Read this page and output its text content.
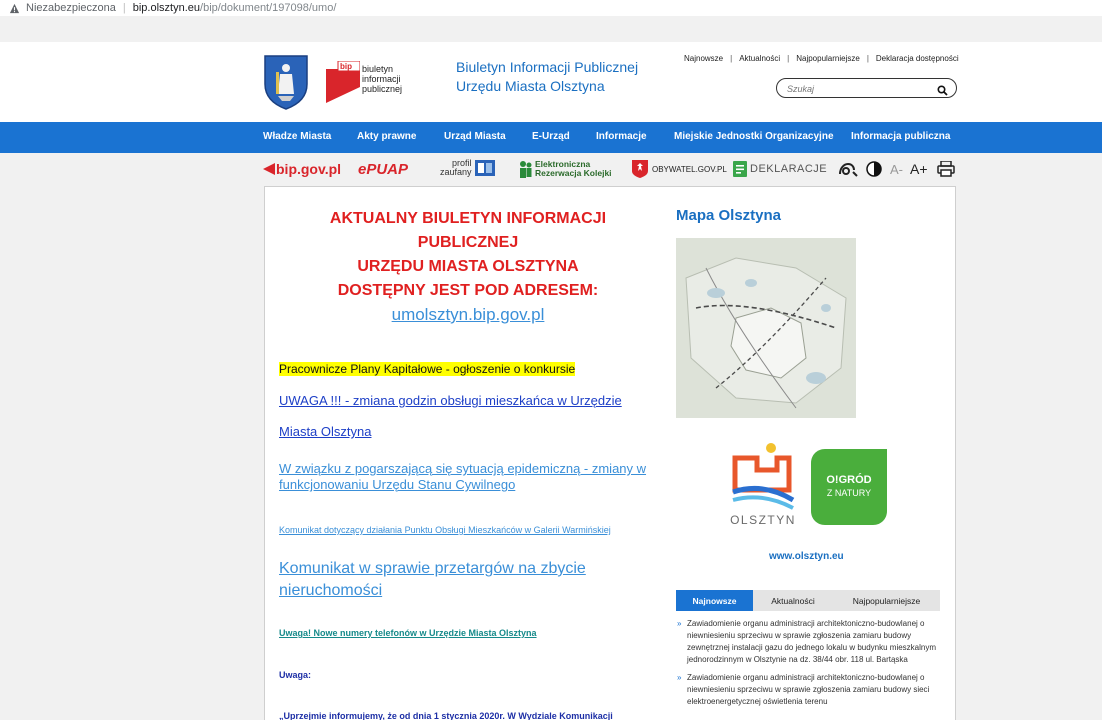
Niezabezpieczona | bip.olsztyn.eu /bip/dokument/197098/umo/
bip biuletyn
informacji publicznej
Biuletyn Informacji Publicznej
Urzędu Miasta Olsztyna
Najnowsze | Aktualności | Najpopularniejsze | Deklaracja dostępności
Szukaj
Władze Miasta	Akty prawne	Urząd Miasta	E-Urząd	Informacje	Miejskie Jednostki Organizacyjne Informacja publiczna
bip.gov.pl ePUAP	profil
zaufany
Elektroniczna
Rezerwacja Kolejki	OBYWATEL.GOV.PL DEKLARACJE	A- A+
AKTUALNY BIULETYN INFORMACJI
PUBLICZNEJ
URZĘDU MIASTA OLSZTYNA
DOSTĘPNY JEST POD ADRESEM:
umolsztyn.bip.gov.pl
Pracownicze Plany Kapitałowe - ogłoszenie o konkursie
UWAGA !!! - zmiana godzin obsługi mieszkańca w Urzędzie
Miasta Olsztyna
W związku z pogarszającą się sytuacją epidemiczną - zmiany w funkcjonowaniu Urzędu Stanu Cywilnego
Komunikat dotyczący działania Punktu Obsługi Mieszkańców w Galerii Warmińskiej
Komunikat w sprawie przetargów na zbycie nieruchomości
Uwaga! Nowe numery telefonów w Urzędzie Miasta Olsztyna
Uwaga:
„Uprzejmie informujemy, że od dnia 1 stycznia 2020r. W Wydziale Komunikacji
Mapa Olsztyna
OLSZTYN
O!GRÓD
Z NATURY
www.olsztyn.eu
Najnowsze	Aktualności	Najpopularniejsze
» Zawiadomienie organu administracji architektoniczno-budowlanej o niewniesieniu sprzeciwu w sprawie zgłoszenia zamiaru budowy zewnętrznej instalacji gazu do jednego lokalu w budynku mieszkalnym jednorodzinnym w Olsztynie na dz. 38/44 obr. 118 ul. Bartąska
» Zawiadomienie organu administracji architektoniczno-budowlanej o niewniesieniu sprzeciwu w sprawie zgłoszenia zamiaru budowy sieci elektroenergetycznej oświetlenia terenu
